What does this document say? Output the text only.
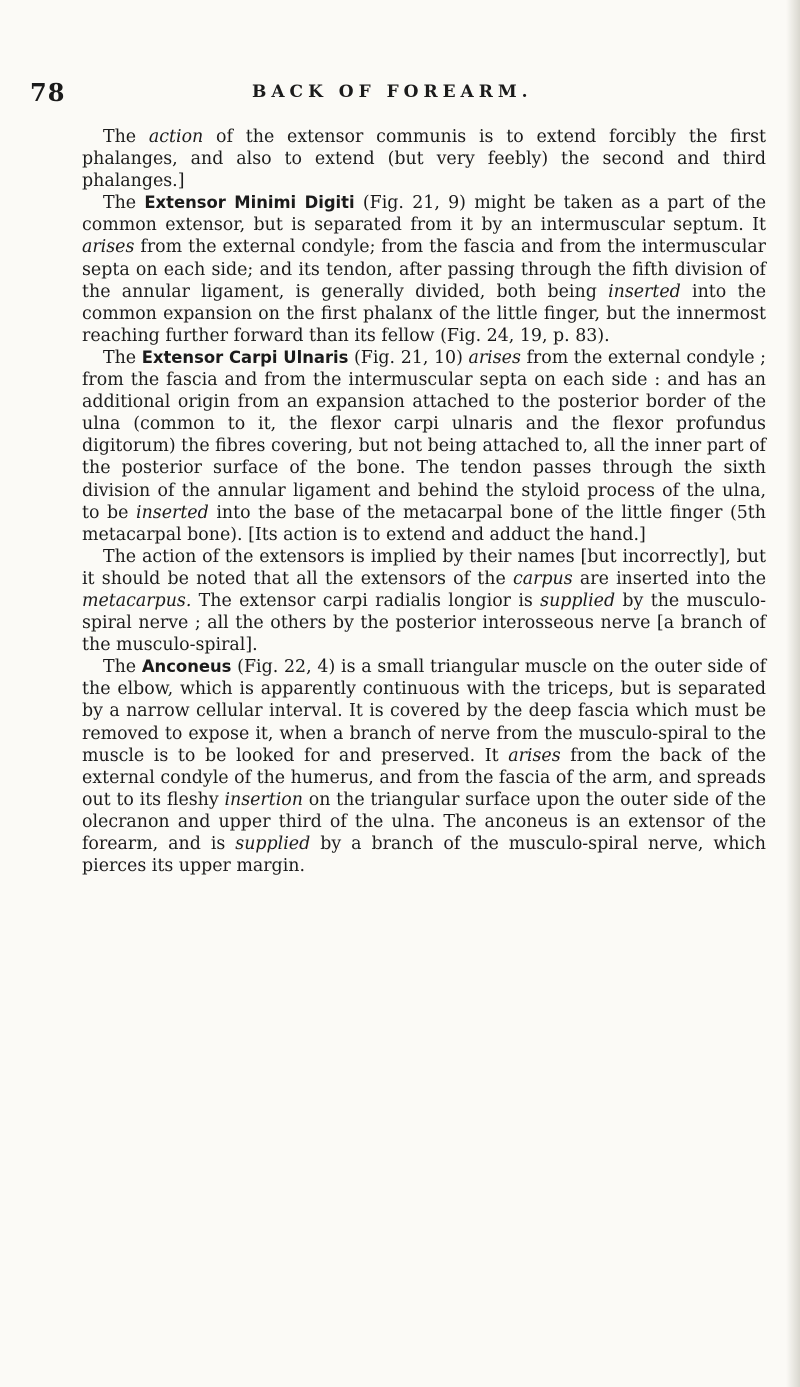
78	BACK OF FOREARM.

The action of the extensor communis is to extend forcibly the first phalanges, and also to extend (but very feebly) the second and third phalanges.]

The Extensor Minimi Digiti (Fig. 21, 9) might be taken as a part of the common extensor, but is separated from it by an intermuscular septum. It arises from the external condyle; from the fascia and from the intermuscular septa on each side; and its tendon, after passing through the fifth division of the annular ligament, is generally divided, both being inserted into the common expansion on the first phalanx of the little finger, but the innermost reaching further forward than its fellow (Fig. 24, 19, p. 83).

The Extensor Carpi Ulnaris (Fig. 21, 10) arises from the external condyle ; from the fascia and from the intermuscular septa on each side : and has an additional origin from an expansion attached to the posterior border of the ulna (common to it, the flexor carpi ulnaris and the flexor profundus digitorum) the fibres covering, but not being attached to, all the inner part of the posterior surface of the bone. The tendon passes through the sixth division of the annular ligament and behind the styloid process of the ulna, to be inserted into the base of the metacarpal bone of the little finger (5th metacarpal bone). [Its action is to extend and adduct the hand.]

The action of the extensors is implied by their names [but incorrectly], but it should be noted that all the extensors of the carpus are inserted into the metacarpus. The extensor carpi radialis longior is supplied by the musculo-spiral nerve ; all the others by the posterior interosseous nerve [a branch of the musculo-spiral].

The Anconeus (Fig. 22, 4) is a small triangular muscle on the outer side of the elbow, which is apparently continuous with the triceps, but is separated by a narrow cellular interval. It is covered by the deep fascia which must be removed to expose it, when a branch of nerve from the musculo-spiral to the muscle is to be looked for and preserved. It arises from the back of the external condyle of the humerus, and from the fascia of the arm, and spreads out to its fleshy insertion on the triangular surface upon the outer side of the olecranon and upper third of the ulna. The anconeus is an extensor of the forearm, and is supplied by a branch of the musculo-spiral nerve, which pierces its upper margin.
